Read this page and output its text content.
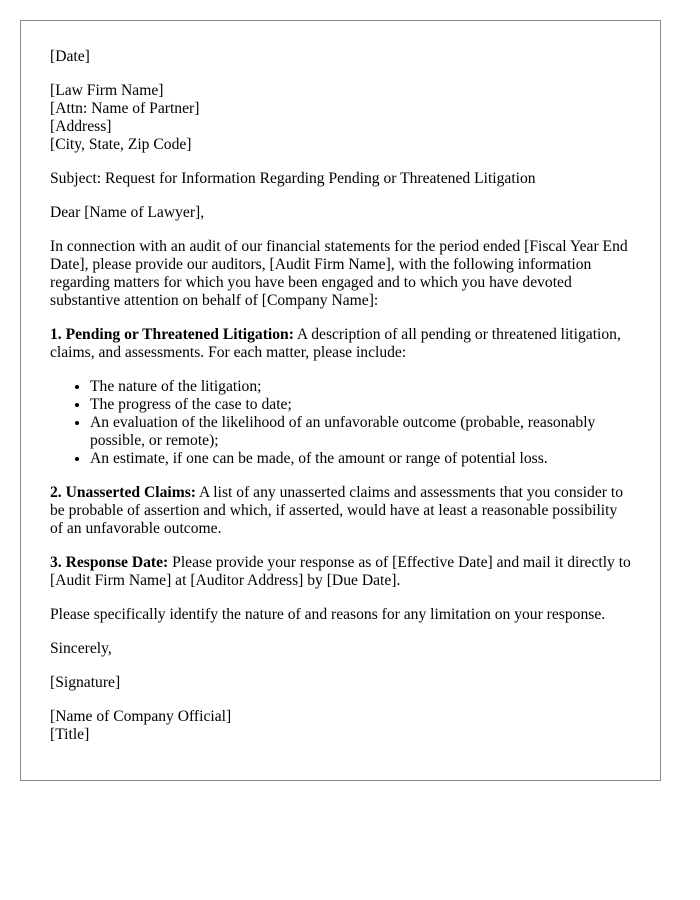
[Date]
[Law Firm Name]
[Attn: Name of Partner]
[Address]
[City, State, Zip Code]

Subject: Request for Information Regarding Pending or Threatened Litigation

Dear [Name of Lawyer],

In connection with an audit of our financial statements for the period ended [Fiscal Year End Date], please provide our auditors, [Audit Firm Name], with the following information regarding matters for which you have been engaged and to which you have devoted substantive attention on behalf of [Company Name]:

1. Pending or Threatened Litigation: A description of all pending or threatened litigation, claims, and assessments. For each matter, please include:

• The nature of the litigation;
• The progress of the case to date;
• An evaluation of the likelihood of an unfavorable outcome (probable, reasonably possible, or remote);
• An estimate, if one can be made, of the amount or range of potential loss.

2. Unasserted Claims: A list of any unasserted claims and assessments that you consider to be probable of assertion and which, if asserted, would have at least a reasonable possibility of an unfavorable outcome.

3. Response Date: Please provide your response as of [Effective Date] and mail it directly to [Audit Firm Name] at [Auditor Address] by [Due Date].

Please specifically identify the nature of and reasons for any limitation on your response.

Sincerely,

[Signature]

[Name of Company Official]
[Title]
